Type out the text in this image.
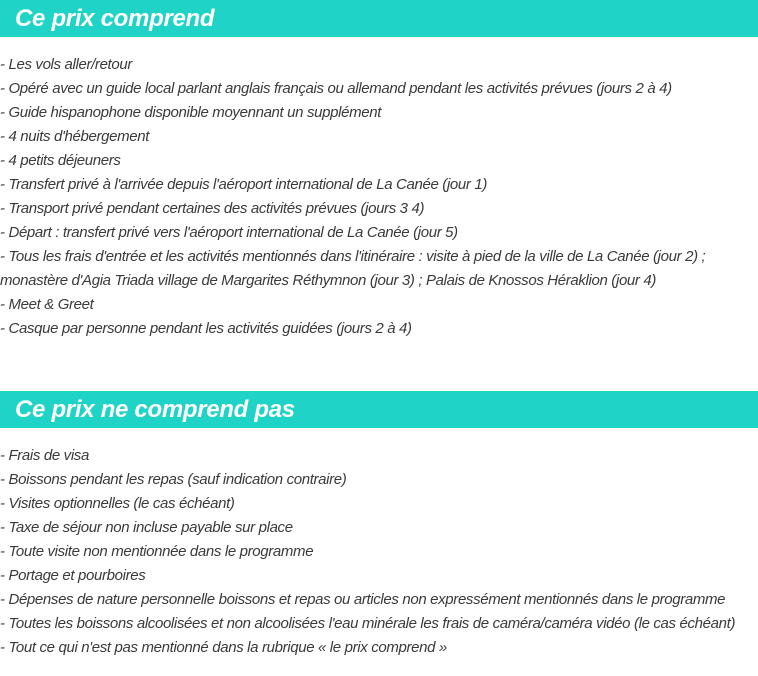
Ce prix comprend
- Les vols aller/retour
- Opéré avec un guide local parlant anglais français ou allemand pendant les activités prévues (jours 2 à 4)
- Guide hispanophone disponible moyennant un supplément
- 4 nuits d'hébergement
- 4 petits déjeuners
- Transfert privé à l'arrivée depuis l'aéroport international de La Canée (jour 1)
- Transport privé pendant certaines des activités prévues (jours 3 4)
- Départ : transfert privé vers l'aéroport international de La Canée (jour 5)
- Tous les frais d'entrée et les activités mentionnés dans l'itinéraire : visite à pied de la ville de La Canée (jour 2) ; monastère d'Agia Triada village de Margarites Réthymnon (jour 3) ; Palais de Knossos Héraklion (jour 4)
- Meet & Greet
- Casque par personne pendant les activités guidées (jours 2 à 4)
Ce prix ne comprend pas
- Frais de visa
- Boissons pendant les repas (sauf indication contraire)
- Visites optionnelles (le cas échéant)
- Taxe de séjour non incluse payable sur place
- Toute visite non mentionnée dans le programme
- Portage et pourboires
- Dépenses de nature personnelle boissons et repas ou articles non expressément mentionnés dans le programme
- Toutes les boissons alcoolisées et non alcoolisées l'eau minérale les frais de caméra/caméra vidéo (le cas échéant)
- Tout ce qui n'est pas mentionné dans la rubrique « le prix comprend »
